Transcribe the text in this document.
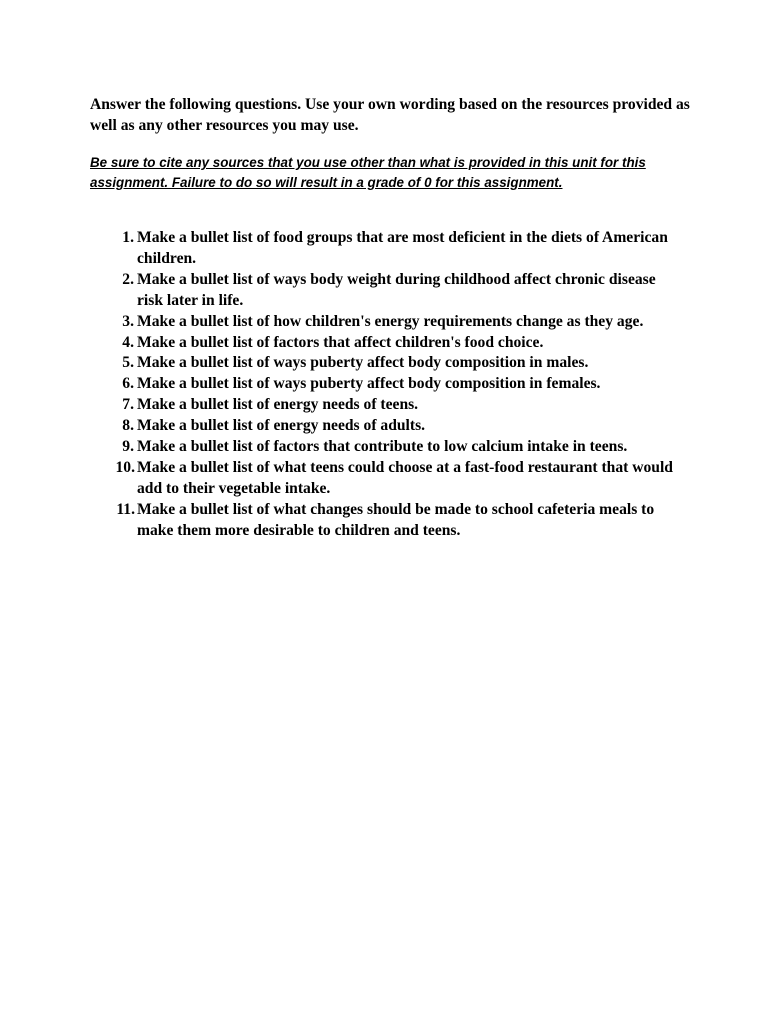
Answer the following questions. Use your own wording based on the resources provided as well as any other resources you may use.

Be sure to cite any sources that you use other than what is provided in this unit for this assignment. Failure to do so will result in a grade of 0 for this assignment.

1. Make a bullet list of food groups that are most deficient in the diets of American children.
2. Make a bullet list of ways body weight during childhood affect chronic disease risk later in life.
3. Make a bullet list of how children's energy requirements change as they age.
4. Make a bullet list of factors that affect children's food choice.
5. Make a bullet list of ways puberty affect body composition in males.
6. Make a bullet list of ways puberty affect body composition in females.
7. Make a bullet list of energy needs of teens.
8. Make a bullet list of energy needs of adults.
9. Make a bullet list of factors that contribute to low calcium intake in teens.
10. Make a bullet list of what teens could choose at a fast-food restaurant that would add to their vegetable intake.
11. Make a bullet list of what changes should be made to school cafeteria meals to make them more desirable to children and teens.
